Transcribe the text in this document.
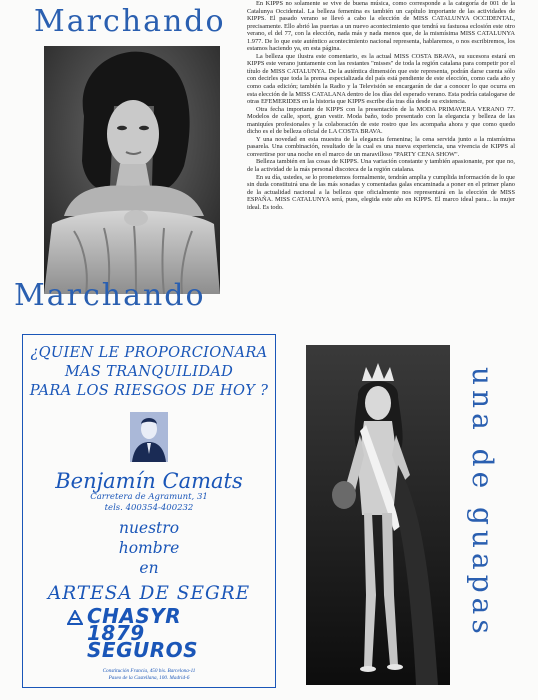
Marchando
Marchando

En KIPPS no solamente se vive de buena música, como corresponde a la categoría de 001 de la Catalunya Occidental. La belleza femenina es también un capítulo importante de las actividades de KIPPS. El pasado verano se llevó a cabo la elección de MISS CATALUNYA OCCIDENTAL, precisamente. Ello abrió las puertas a un nuevo acontecimiento que tendrá su fastuosa eclosión este otro verano, el del 77, con la elección, nada más y nada menos que, de la mismísima MISS CATALUNYA 1.977. De lo que este auténtico acontecimiento nacional representa, hablaremos, o nos escribiremos, los estamos haciendo ya, en esta página.

La belleza que ilustra este comentario, es la actual MISS COSTA BRAVA, su sucesora estará en KIPPS este verano juntamente con las restantes "misses" de toda la región catalana para competir por el título de MISS CATALUNYA. De la auténtica dimensión que este representa, podrán darse cuenta sólo con decirles que toda la prensa especializada del país está pendiente de este elección, como cada año y como cada edición; también la Radio y la Televisión se encargarán de dar a conocer lo que ocurra en esta elección de la MISS CATALANA dentro de los días del esperado verano. Esta podría catalogarse de otras EFEMERIDES en la historia que KIPPS escribe día tras día desde su existencia.

Otra fecha importante de KIPPS con la presentación de la MODA PRIMAVERA VERANO 77. Modelos de calle, sport, gran vestir. Moda baño, todo presentado con la elegancia y belleza de las maniquíes profesionales y la colaboración de este rostro que les acompaña ahora y que como quedo dicho es el de belleza oficial de LA COSTA BRAVA.

Y una novedad en esta muestra de la elegancia femenina; la cena servida junto a la mismísima pasarela. Una combinación, resultado de la cual es una nueva experiencia, una vivencia de KIPPS al convertirse por una noche en el marco de un maravilloso "PARTY CENA SHOW".

Belleza también en las cosas de KIPPS. Una variación constante y también apasionante, por que no, de la actividad de la más personal discoteca de la región catalana.

En su día, ustedes, se lo prometemos formalmente, tendrán amplia y cumplida información de lo que sin duda constituirá una de las más sonadas y comentadas galas encaminada a poner en el primer plano de la actualidad nacional a la belleza que oficialmente nos representará en la elección de MISS ESPAÑA. MISS CATALUNYA será, pues, elegida este año en KIPPS. El marco ideal para... la mujer ideal. Es todo.

¿QUIEN LE PROPORCIONARA
MAS TRANQUILIDAD
PARA LOS RIESGOS DE HOY ?
Benjamín Camats
Carretera de Agramunt, 31
tels. 400354-400232
nuestro
hombre
en
ARTESA DE SEGRE
CHASYR
1879
SEGUROS
Constitución Francia, 450 bis. Barcelona-11
Paseo de la Castellana, 100. Madrid-6
una de guapas
